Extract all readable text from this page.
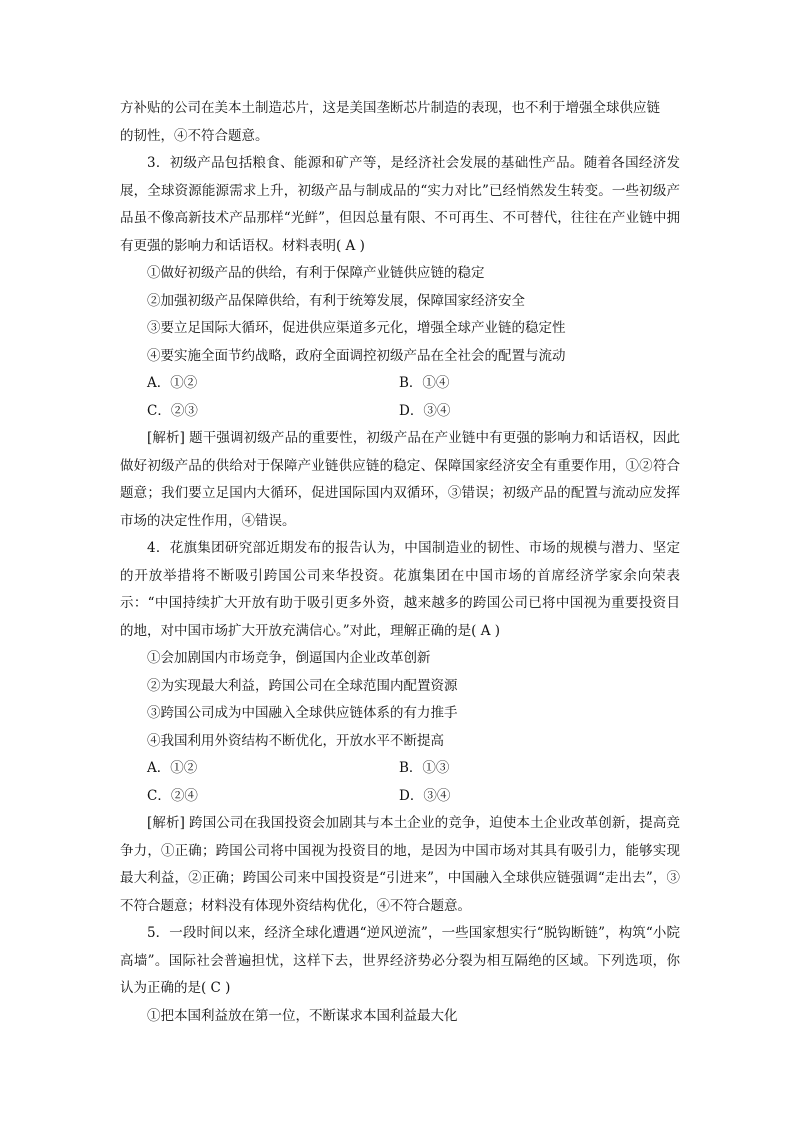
方补贴的公司在美本土制造芯片，这是美国垄断芯片制造的表现，也不利于增强全球供应链

的韧性，④不符合题意。

3．初级产品包括粮食、能源和矿产等，是经济社会发展的基础性产品。随着各国经济发展，全球资源能源需求上升，初级产品与制成品的“实力对比”已经悄然发生转变。一些初级产品虽不像高新技术产品那样“光鲜”，但因总量有限、不可再生、不可替代，往往在产业链中拥有更强的影响力和话语权。材料表明( A )

①做好初级产品的供给，有利于保障产业链供应链的稳定

②加强初级产品保障供给，有利于统筹发展，保障国家经济安全

③要立足国际大循环，促进供应渠道多元化，增强全球产业链的稳定性

④要实施全面节约战略，政府全面调控初级产品在全社会的配置与流动

A．①②	B．①④
C．②③	D．③④

[解析] 题干强调初级产品的重要性，初级产品在产业链中有更强的影响力和话语权，因此做好初级产品的供给对于保障产业链供应链的稳定、保障国家经济安全有重要作用，①②符合题意；我们要立足国内大循环，促进国际国内双循环，③错误；初级产品的配置与流动应发挥市场的决定性作用，④错误。

4．花旗集团研究部近期发布的报告认为，中国制造业的韧性、市场的规模与潜力、坚定的开放举措将不断吸引跨国公司来华投资。花旗集团在中国市场的首席经济学家余向荣表示：“中国持续扩大开放有助于吸引更多外资，越来越多的跨国公司已将中国视为重要投资目的地，对中国市场扩大开放充满信心。”对此，理解正确的是( A )

①会加剧国内市场竞争，倒逼国内企业改革创新

②为实现最大利益，跨国公司在全球范围内配置资源

③跨国公司成为中国融入全球供应链体系的有力推手

④我国利用外资结构不断优化，开放水平不断提高

A．①②	B．①③
C．②④	D．③④

[解析] 跨国公司在我国投资会加剧其与本土企业的竞争，迫使本土企业改革创新，提高竞争力，①正确；跨国公司将中国视为投资目的地，是因为中国市场对其具有吸引力，能够实现最大利益，②正确；跨国公司来中国投资是“引进来”，中国融入全球供应链强调“走出去”，③不符合题意；材料没有体现外资结构优化，④不符合题意。

5．一段时间以来，经济全球化遭遇“逆风逆流”，一些国家想实行“脱钩断链”，构筑“小院高墙”。国际社会普遍担忧，这样下去，世界经济势必分裂为相互隔绝的区域。下列选项，你认为正确的是( C )

①把本国利益放在第一位，不断谋求本国利益最大化
